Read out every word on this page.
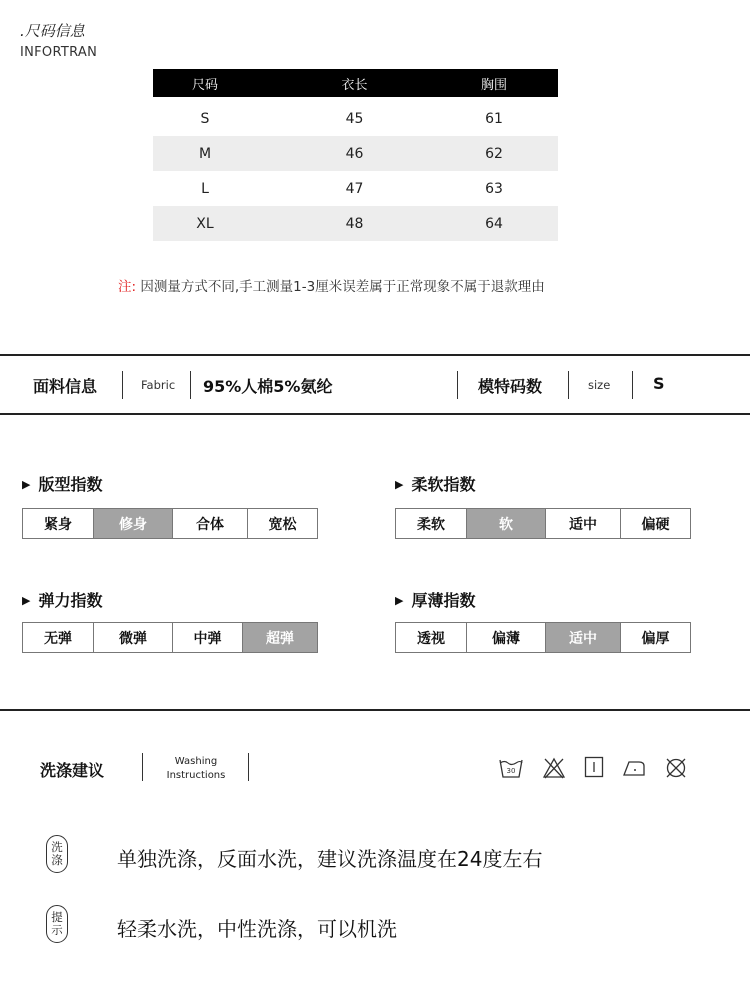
.尺码信息
INFORTRAN
尺码	衣长	胸围
S	45	61
M	46	62
L	47	63
XL	48	64
注: 因测量方式不同,手工测量1-3厘米误差属于正常现象不属于退款理由
面料信息	Fabric 95%人棉5%氨纶	模特码数	size	S
▶ 版型指数
紧身	修身	合体	宽松
▶ 柔软指数
柔软	软	适中	偏硬
▶ 弹力指数
无弹	微弹	中弹	超弹
▶ 厚薄指数
透视	偏薄	适中	偏厚
洗涤建议	Washing
Instructions	30
洗
涤	单独洗涤，反面水洗，建议洗涤温度在24度左右
提
示	轻柔水洗，中性洗涤，可以机洗
